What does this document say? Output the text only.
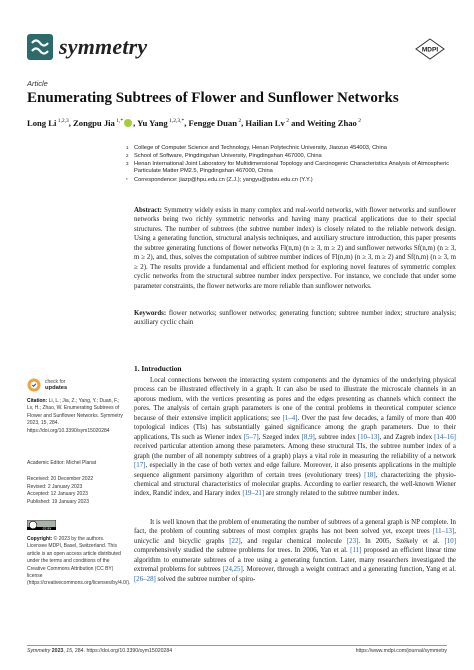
symmetry	MDPI
Article
Enumerating Subtrees of Flower and Sunflower Networks
Long Li $^{1,2,3}$, Zongpu Jia $^{1,*}$ , Yu Yang $^{1,2,3,*}$, Fengge Duan $^2$, Hailian Lv $^2$ and Weiting Zhao $^2$
1 College of Computer Science and Technology, Henan Polytechnic University, Jiaozuo 454003, China
2 School of Software, Pingdingshan University, Pingdingshan 467000, China
3 Henan International Joint Laboratory for Multidimensional Topology and Carcinogenic Characteristics Analysis of Atmospheric Particulate Matter PM2.5, Pingdingshan 467000, China
* Correspondence: jiazp@hpu.edu.cn (Z.J.); yangyu@pdsu.edu.cn (Y.Y.)
Abstract: Symmetry widely exists in many complex and real-world networks, with flower networks and sunflower networks being two richly symmetric networks and having many practical applications due to their special structures. The number of subtrees (the subtree number index) is closely related to the reliable network design. Using a generating function, structural analysis techniques, and auxiliary structure introduction, this paper presents the subtree generating functions of flower networks Fl(n,m) (n ≥ 3, m ≥ 2) and sunflower networks Sf(n,m) (n ≥ 3, m ≥ 2), and, thus, solves the computation of subtree number indices of Fl(n,m) (n ≥ 3, m ≥ 2) and Sf(n,m) (n ≥ 3, m ≥ 2). The results provide a fundamental and efficient method for exploring novel features of symmetric complex cyclic networks from the structural subtree number index perspective. For instance, we conclude that under some parameter constraints, the flower networks are more reliable than sunflower networks.
Keywords: flower networks; sunflower networks; generating function; subtree number index; structure analysis; auxiliary cyclic chain
check for
updates
Citation: Li, L.; Jia, Z.; Yang, Y.; Duan, F.; Lv, H.; Zhao, W. Enumerating Subtrees of Flower and Sunflower Networks. Symmetry 2023, 15, 284. https://doi.org/10.3390/sym15020284
Academic Editor: Michel Planat
Received: 20 December 2022
Revised: 2 January 2023
Accepted: 12 January 2023
Published: 19 January 2023
CC BY
Copyright: © 2023 by the authors. Licensee MDPI, Basel, Switzerland. This article is an open access article distributed under the terms and conditions of the Creative Commons Attribution (CC BY) license (https://creativecommons.org/licenses/by/4.0/).
1. Introduction

Local connections between the interacting system components and the dynamics of the underlying physical process can be illustrated effectively in a graph. It can also be used to illustrate the microscale channels in an aporous medium, with the vertices presenting as pores and the edges presenting as channels which connect the pores. The analysis of certain graph parameters is one of the central problems in theoretical computer science because of their extensive implicit applications; see [1–4]. Over the past few decades, a family of more than 400 topological indices (TIs) has substantially gained significance among the graph parameters. Due to their applications, TIs such as Wiener index [5–7], Szeged index [8,9], subtree index [10–13], and Zagreb index [14–16] received particular attention among these parameters. Among these structural TIs, the subtree number index of a graph (the number of all nonempty subtrees of a graph) plays a vital role in measuring the reliability of a network [17], especially in the case of both vertex and edge failure. Moreover, it also presents applications in the multiple sequence alignment parsimony algorithm of certain trees (evolutionary trees) [18], characterizing the physio-chemical and structural characteristics of molecular graphs. According to earlier research, the well-known Wiener index, Randić index, and Harary index [19–21] are strongly related to the subtree number index.

It is well known that the problem of enumerating the number of subtrees of a general graph is NP complete. In fact, the problem of counting subtrees of most complex graphs has not been solved yet, except trees [11–13], unicyclic and bicyclic graphs [22], and regular chemical molecule [23]. In 2005, Székely et al. [10] comprehensively studied the subtree problems for trees. In 2006, Yan et al. [11] proposed an efficient linear time algorithm to enumerate subtrees of a tree using a generating function. Later, many researchers investigated the extremal problems for subtrees [24,25]. Moreover, through a weight contract and a generating function, Yang et al. [26–28] solved the subtree number of spiro-

Symmetry 2023, 15, 284. https://doi.org/10.3390/sym15020284	https://www.mdpi.com/journal/symmetry
